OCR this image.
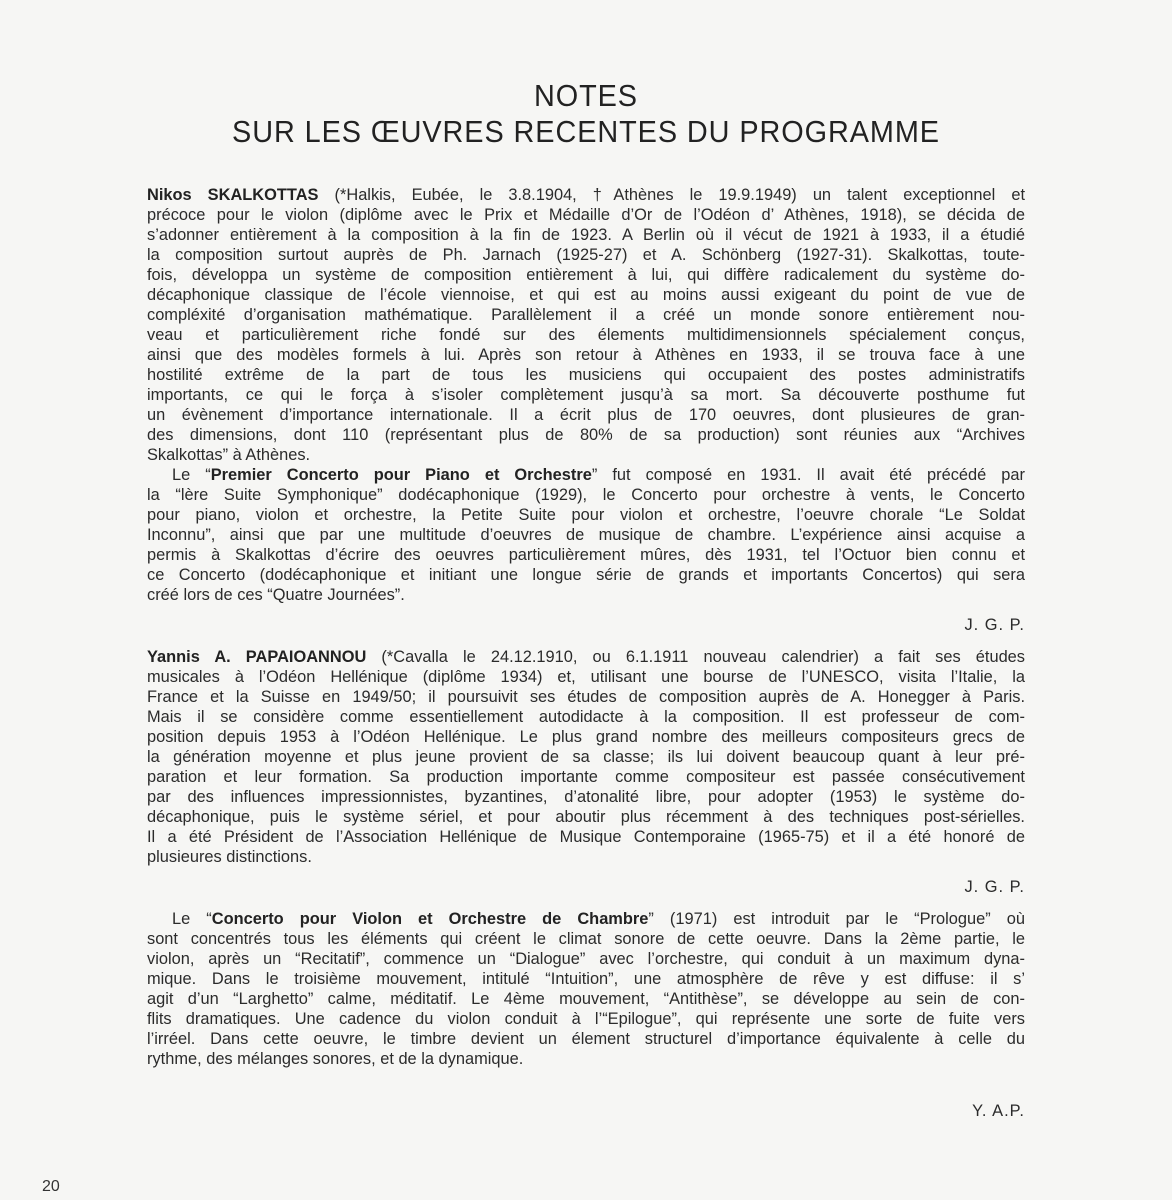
NOTES
SUR LES ŒUVRES RECENTES DU PROGRAMME
Nikos SKALKOTTAS (*Halkis, Eubée, le 3.8.1904, †Athènes le 19.9.1949) un talent exceptionnel et
précoce pour le violon (diplôme avec le Prix et Médaille d’Or de l’Odéon d’ Athènes, 1918), se décida de
s’adonner entièrement à la composition à la fin de 1923. A Berlin où il vécut de 1921 à 1933, il a étudié
la composition surtout auprès de Ph. Jarnach (1925-27) et A. Schönberg (1927-31). Skalkottas, toute-
fois, développa un système de composition entièrement à lui, qui diffère radicalement du système do-
décaphonique classique de l’école viennoise, et qui est au moins aussi exigeant du point de vue de
compléxité d’organisation mathématique. Parallèlement il a créé un monde sonore entièrement nou-
veau et particulièrement riche fondé sur des élements multidimensionnels spécialement conçus,
ainsi que des modèles formels à lui. Après son retour à Athènes en 1933, il se trouva face à une
hostilité extrême de la part de tous les musiciens qui occupaient des postes administratifs
importants, ce qui le força à s’isoler complètement jusqu’à sa mort. Sa découverte posthume fut
un évènement d’importance internationale. Il a écrit plus de 170 oeuvres, dont plusieures de gran-
des dimensions, dont 110 (représentant plus de 80% de sa production) sont réunies aux “Archives
Skalkottas” à Athènes.
Le “Premier Concerto pour Piano et Orchestre” fut composé en 1931. Il avait été précédé par
la “lère Suite Symphonique” dodécaphonique (1929), le Concerto pour orchestre à vents, le Concerto
pour piano, violon et orchestre, la Petite Suite pour violon et orchestre, l’oeuvre chorale “Le Soldat
Inconnu”, ainsi que par une multitude d’oeuvres de musique de chambre. L’expérience ainsi acquise a
permis à Skalkottas d’écrire des oeuvres particulièrement mûres, dès 1931, tel l’Octuor bien connu et
ce Concerto (dodécaphonique et initiant une longue série de grands et importants Concertos) qui sera
créé lors de ces “Quatre Journées”.
J. G. P.
Yannis A. PAPAIOANNOU (*Cavalla le 24.12.1910, ou 6.1.1911 nouveau calendrier) a fait ses études
musicales à l’Odéon Hellénique (diplôme 1934) et, utilisant une bourse de l’UNESCO, visita l’Italie, la
France et la Suisse en 1949/50; il poursuivit ses études de composition auprès de A. Honegger à Paris.
Mais il se considère comme essentiellement autodidacte à la composition. Il est professeur de com-
position depuis 1953 à l’Odéon Hellénique. Le plus grand nombre des meilleurs compositeurs grecs de
la génération moyenne et plus jeune provient de sa classe; ils lui doivent beaucoup quant à leur pré-
paration et leur formation. Sa production importante comme compositeur est passée consécutivement
par des influences impressionnistes, byzantines, d’atonalité libre, pour adopter (1953) le système do-
décaphonique, puis le système sériel, et pour aboutir plus récemment à des techniques post-sérielles.
Il a été Président de l’Association Hellénique de Musique Contemporaine (1965-75) et il a été honoré de
plusieures distinctions.
J. G. P.
Le “Concerto pour Violon et Orchestre de Chambre” (1971) est introduit par le “Prologue” où
sont concentrés tous les éléments qui créent le climat sonore de cette oeuvre. Dans la 2ème partie, le
violon, après un “Recitatif”, commence un “Dialogue” avec l’orchestre, qui conduit à un maximum dyna-
mique. Dans le troisième mouvement, intitulé “Intuition”, une atmosphère de rêve y est diffuse: il s’
agit d’un “Larghetto” calme, méditatif. Le 4ème mouvement, “Antithèse”, se développe au sein de con-
flits dramatiques. Une cadence du violon conduit à l’“Epilogue”, qui représente une sorte de fuite vers
l’irréel. Dans cette oeuvre, le timbre devient un élement structurel d’importance équivalente à celle du
rythme, des mélanges sonores, et de la dynamique.
Y. A.P.
20
